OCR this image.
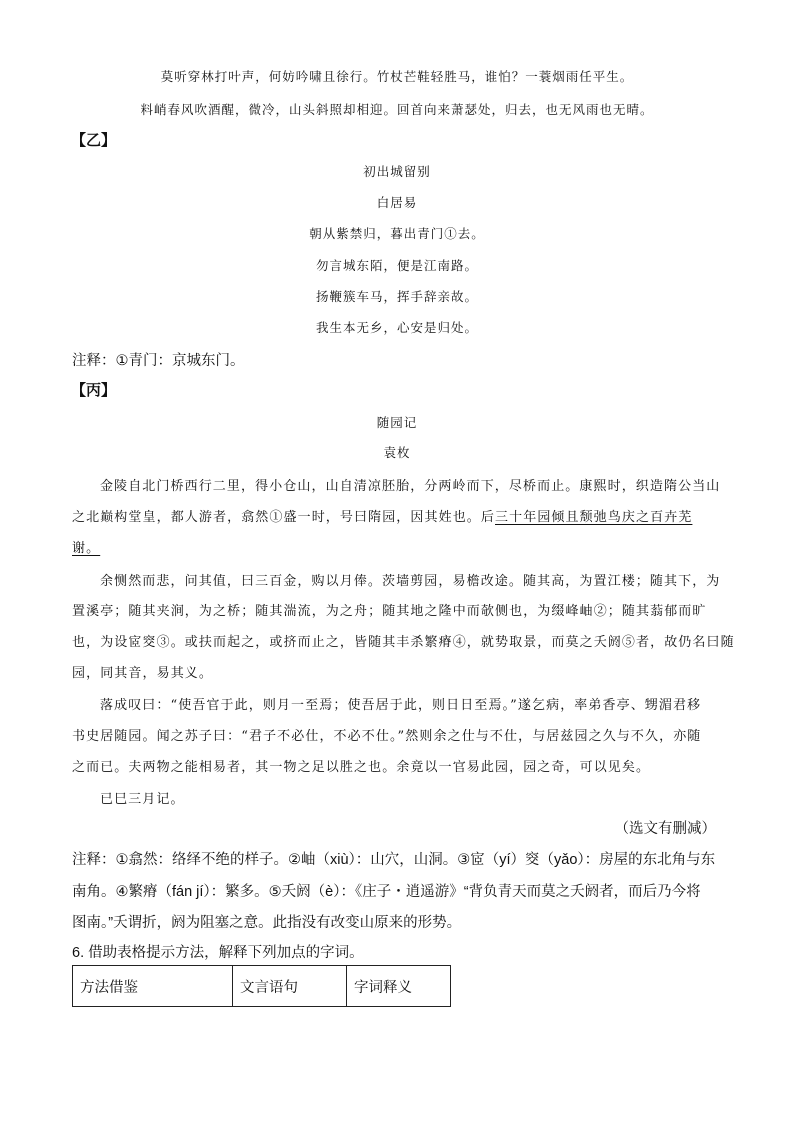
莫听穿林打叶声，何妨吟啸且徐行。竹杖芒鞋轻胜马，谁怕？一蓑烟雨任平生。
料峭春风吹酒醒，微冷，山头斜照却相迎。回首向来萧瑟处，归去，也无风雨也无晴。
【乙】
初出城留别
白居易
朝从紫禁归，暮出青门①去。
勿言城东陌，便是江南路。
扬鞭簇车马，挥手辞亲故。
我生本无乡，心安是归处。
注释：①青门：京城东门。
【丙】
随园记
袁枚
金陵自北门桥西行二里，得小仓山，山自清凉胚胎，分两岭而下，尽桥而止。康熙时，织造隋公当山
之北巅构堂皇，都人游者，翕然①盛一时，号曰隋园，因其姓也。后三十年园倾且颓弛鸟庆之百卉芜
谢。
余恻然而悲，问其值，曰三百金，购以月俸。茨墙剪园，易檐改途。随其高，为置江楼；随其下，为
置溪亭；随其夹涧，为之桥；随其湍流，为之舟；随其地之隆中而欹侧也，为缀峰岫②；随其蓊郁而旷
也，为设宧窔③。或扶而起之，或挤而止之，皆随其丰杀繁瘠④，就势取景，而莫之夭阏⑤者，故仍名曰随
园，同其音，易其义。
落成叹曰：“使吾官于此，则月一至焉；使吾居于此，则日日至焉。”遂乞病，率弟香亭、甥湄君移
书史居随园。闻之苏子曰：“君子不必仕，不必不仕。”然则余之仕与不仕，与居兹园之久与不久，亦随
之而已。夫两物之能相易者，其一物之足以胜之也。余竟以一官易此园，园之奇，可以见矣。
已巳三月记。
（选文有删减）
注释：①翕然：络绎不绝的样子。②岫（xiù）：山穴，山洞。③宧（yí）窔（yǎo）：房屋的东北角与东
南角。④繁瘠（fán jí）：繁多。⑤夭阏（è）：《庄子・逍遥游》“背负青天而莫之夭阏者，而后乃今将
图南。”夭谓折，阏为阻塞之意。此指没有改变山原来的形势。
6. 借助表格提示方法，解释下列加点的字词。
方法借鉴	文言语句	字词释义
